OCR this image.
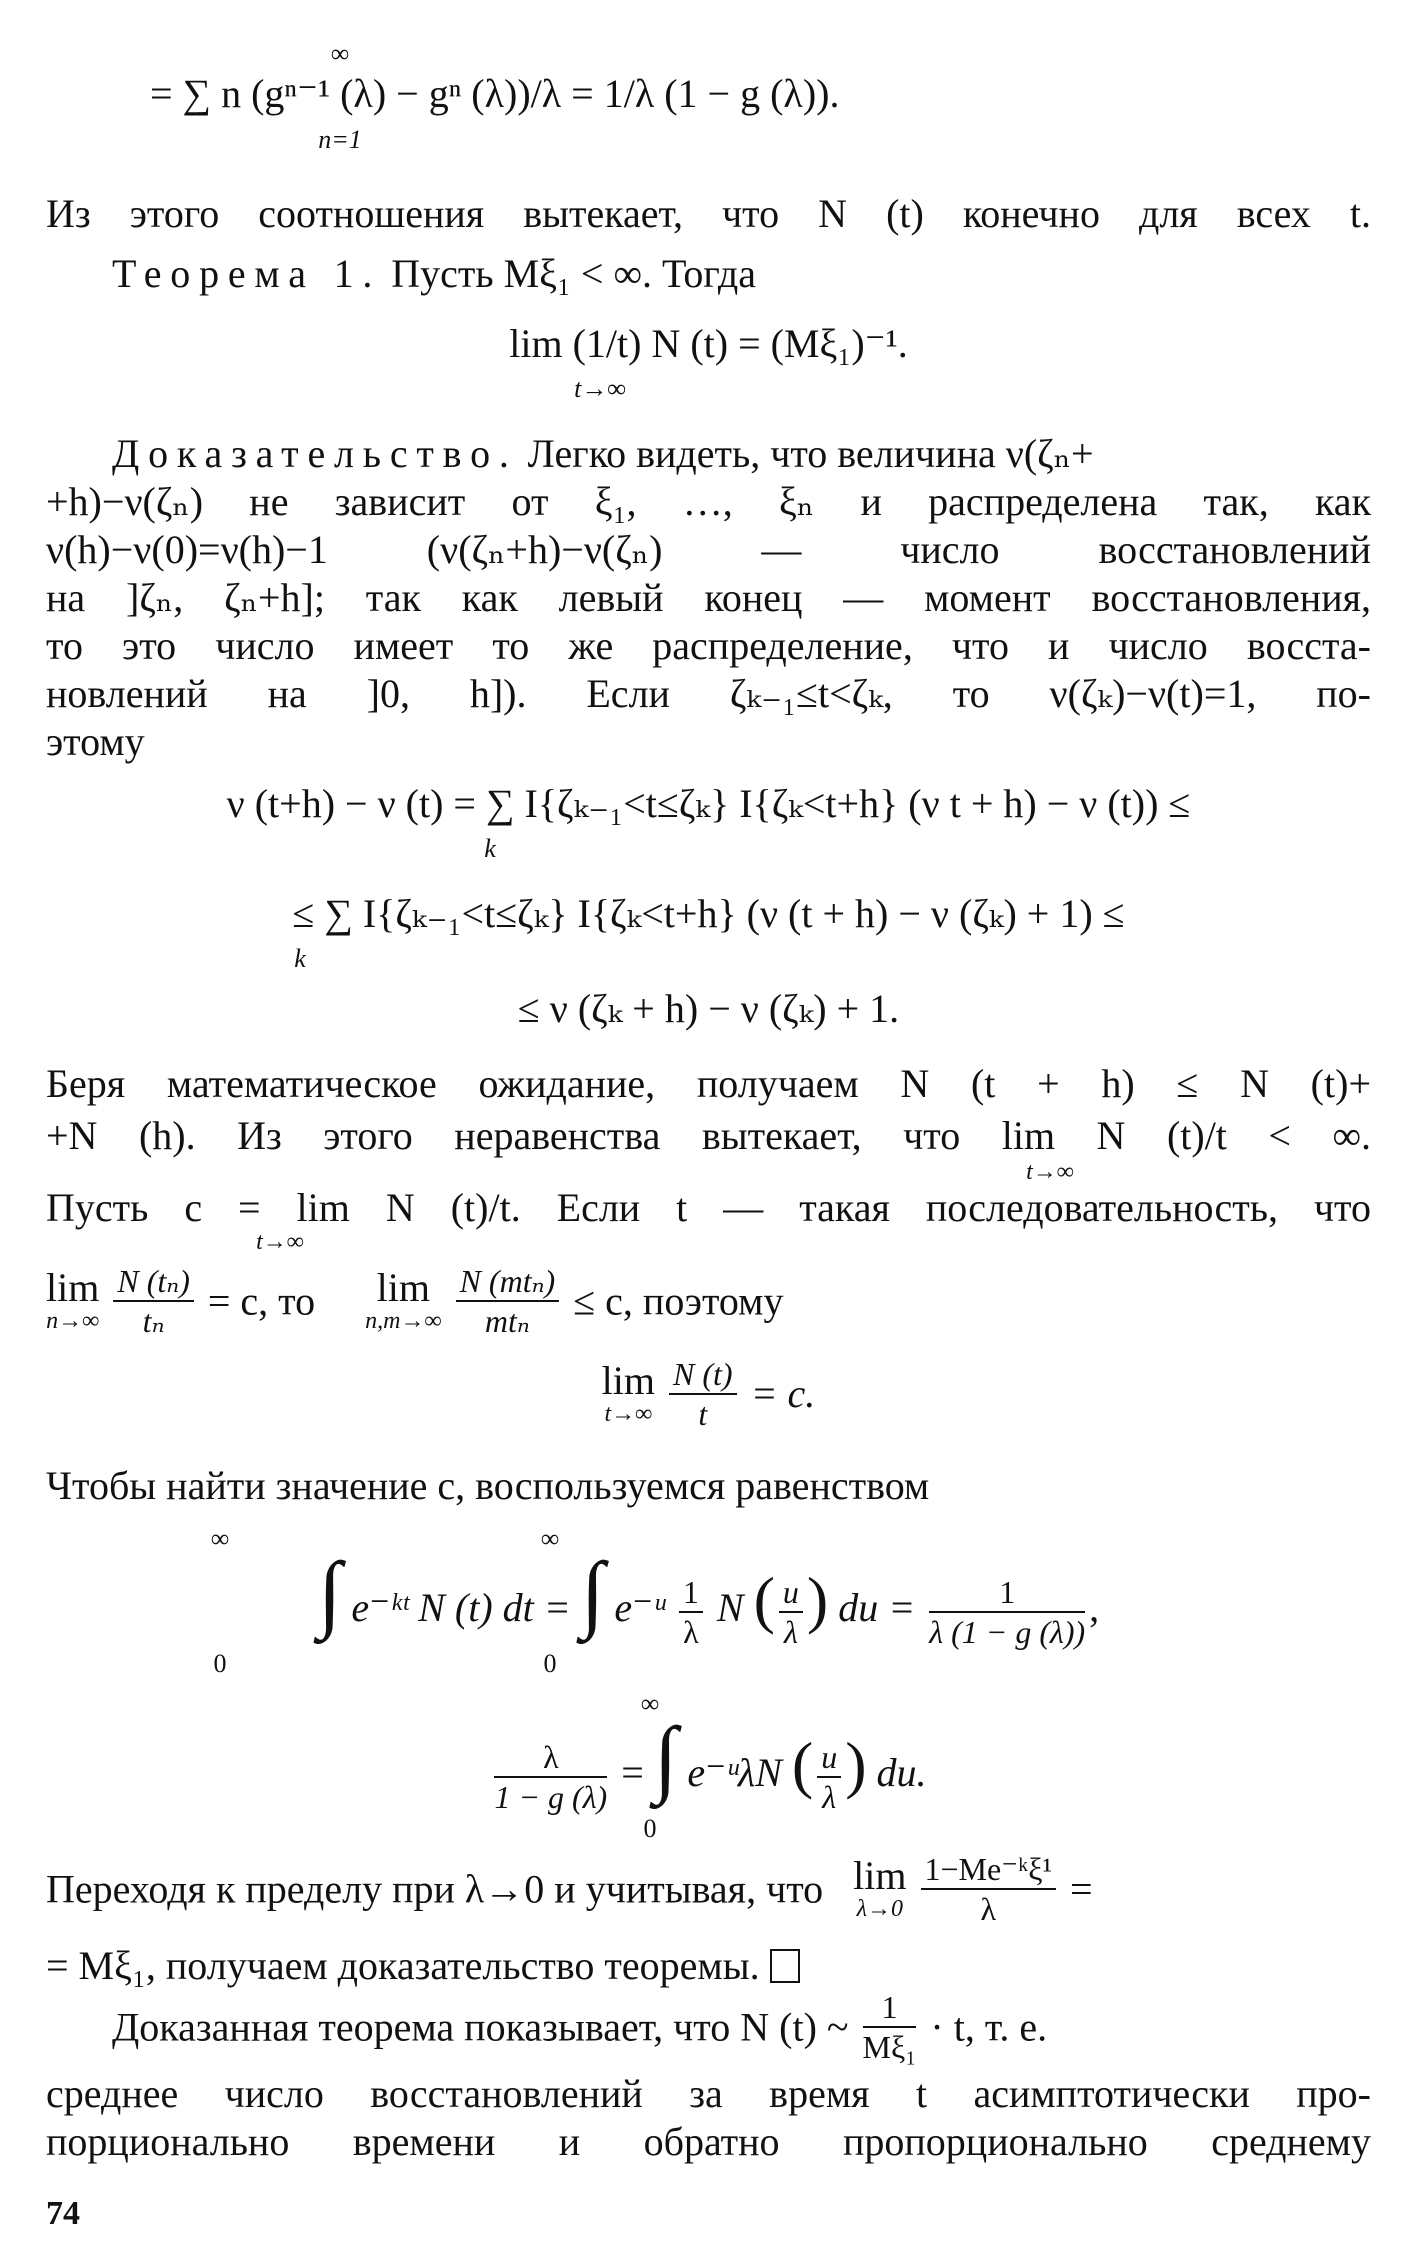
∞
= ∑ n (gⁿ⁻¹ (λ) − gⁿ (λ))/λ = 1/λ (1 − g (λ)).
n=1
Из этого соотношения вытекает, что N (t) конечно для всех t.
Теорема 1. Пусть Mξ₁ < ∞. Тогда
lim (1/t) N (t) = (Mξ₁)⁻¹.
t→∞
Доказательство. Легко видеть, что величина ν(ζₙ+
+h)−ν(ζₙ) не зависит от ξ₁, …, ξₙ и распределена так, как
ν(h)−ν(0)=ν(h)−1 (ν(ζₙ+h)−ν(ζₙ) — число восстановлений
на ]ζₙ, ζₙ+h]; так как левый конец — момент восстановления,
то это число имеет то же распределение, что и число восста-
новлений на ]0, h]). Если ζₖ₋₁≤t<ζₖ, то ν(ζₖ)−ν(t)=1, по-
этому
ν (t+h) − ν (t) = ∑ I{ζₖ₋₁<t≤ζₖ} I{ζₖ<t+h} (ν t + h) − ν (t)) ≤
k
≤ ∑ I{ζₖ₋₁<t≤ζₖ} I{ζₖ<t+h} (ν (t + h) − ν (ζₖ) + 1) ≤
k
≤ ν (ζₖ + h) − ν (ζₖ) + 1.
Беря математическое ожидание, получаем N (t + h) ≤ N (t)+
+N (h). Из этого неравенства вытекает, что lim N (t)/t < ∞.
t→∞
Пусть c = lim N (t)/t. Если t — такая последовательность, что
t→∞
lim
n→∞
$\frac{\text{N (tₙ)}}{\text{tₙ}} = c$, то lim
n,m→∞
$\frac{\text{N (mtₙ)}}{\text{mtₙ}} \le c$, поэтому
lim
t→∞
$\frac{N (t)}{t} = c$.
Чтобы найти значение c, воспользуемся равенством
∞	∞
∫ e⁻ᵏᵗ N (t) dt = ∫ e⁻ᵘ $\frac{1}{\lambda}$ N ( $\frac{u}{\lambda}$ ) du = $\frac{1}{\lambda (1 - g (\lambda))}$ ,
0	0
∞
$\frac{\lambda}{1 - g (\lambda)}$ = ∫ e⁻ᵘλN ( $\frac{u}{\lambda}$ ) du.
0
Переходя к пределу при λ→0 и учитывая, что lim
λ→0
$\frac{\text{1−Me⁻ᵏξ¹}}{\lambda}$ =
= Mξ₁, получаем доказательство теоремы.
Доказанная теорема показывает, что N (t) ~ $\frac{1}{\text{Mξ₁}} \cdot t$, т. е.
среднее число восстановлений за время t асимптотически про-
порционально времени и обратно пропорционально среднему
74
